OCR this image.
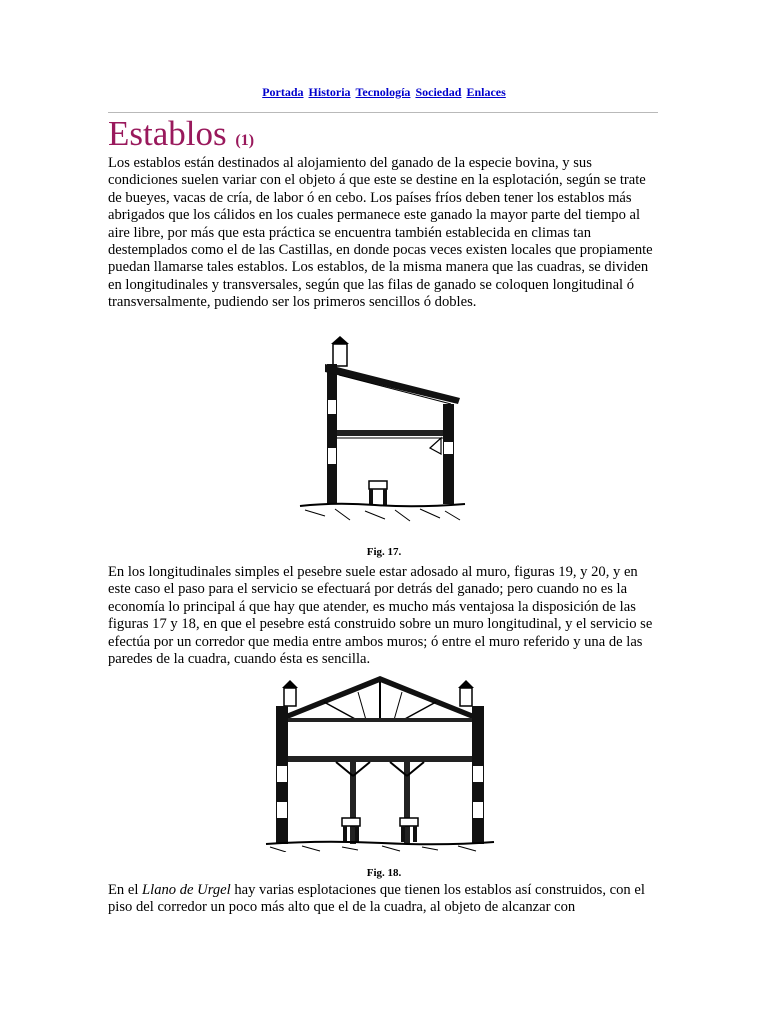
Portada Historia Tecnología Sociedad Enlaces
Establos (1)

Los establos están destinados al alojamiento del ganado de la especie bovina, y sus condiciones suelen variar con el objeto á que este se destine en la esplotación, según se trate de bueyes, vacas de cría, de labor ó en cebo. Los países fríos deben tener los establos más abrigados que los cálidos en los cuales permanece este ganado la mayor parte del tiempo al aire libre, por más que esta práctica se encuentra también establecida en climas tan destemplados como el de las Castillas, en donde pocas veces existen locales que propiamente puedan llamarse tales establos. Los establos, de la misma manera que las cuadras, se dividen en longitudinales y transversales, según que las filas de ganado se coloquen longitudinal ó transversalmente, pudiendo ser los primeros sencillos ó dobles.

Fig. 17.

En los longitudinales simples el pesebre suele estar adosado al muro, figuras 19, y 20, y en este caso el paso para el servicio se efectuará por detrás del ganado; pero cuando no es la economía lo principal á que hay que atender, es mucho más ventajosa la disposición de las figuras 17 y 18, en que el pesebre está construido sobre un muro longitudinal, y el servicio se efectúa por un corredor que media entre ambos muros; ó entre el muro referido y una de las paredes de la cuadra, cuando ésta es sencilla.

Fig. 18.

En el Llano de Urgel hay varias esplotaciones que tienen los establos así construidos, con el piso del corredor un poco más alto que el de la cuadra, al objeto de alcanzar con
